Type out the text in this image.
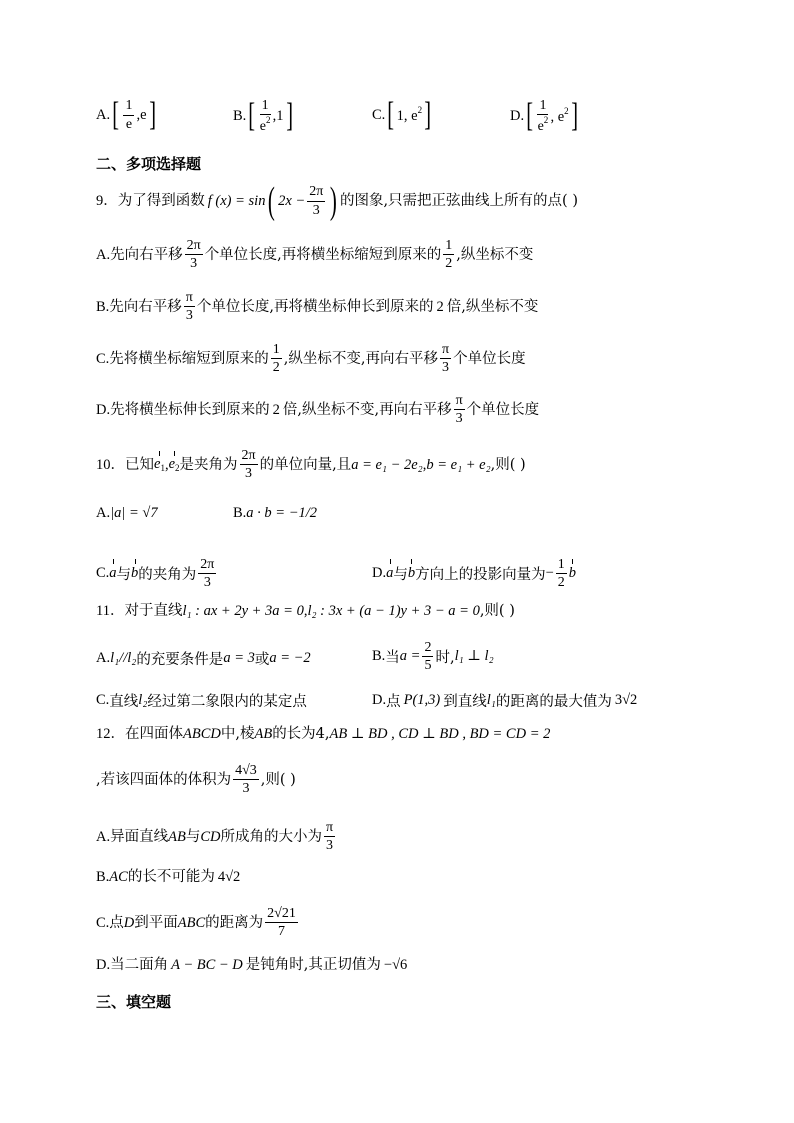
A. [ $\frac{1}{e} ,e$ ]	B. [ $\frac{1}{e^2} ,1$ ]	C. [ 1, $e^2$ ]	D. [ $\frac{1}{e^2}$ , $e^2$ ]
二、多项选择题
9． 为了得到函数 f (x) = sin ( $2x - \frac{2\pi}{3}$ ) 的图象,只需把正弦曲线上所有的点( )
A. 先向右平移 $\frac{2\pi}{3}$ 个单位长度,再将横坐标缩短到原来的 $\frac{1}{2}$ ,纵坐标不变
B. 先向右平移 $\frac{\pi}{3}$ 个单位长度,再将横坐标伸长到原来的 2 倍,纵坐标不变
C. 先将横坐标缩短到原来的 $\frac{1}{2}$ ,纵坐标不变,再向右平移 $\frac{\pi}{3}$ 个单位长度
D. 先将横坐标伸长到原来的 2 倍,纵坐标不变,再向右平移 $\frac{\pi}{3}$ 个单位长度
10． 已知 $e_1$ , $e_2$ 是夹角为 $\frac{2\pi}{3}$ 的单位向量,且 a = e₁ − 2e₂ , b = e₁ + e₂ ,则( )
A. |a| = √7	B. a · b = −1/2
C. a 与 b 的夹角为 $\frac{2\pi}{3}$	D. a 与 b 方向上的投影向量为 − $\frac{1}{2}$ b
11． 对于直线 l₁ : ax + 2y + 3a = 0 , l₂ : 3x + (a − 1)y + 3 − a = 0 ,则( )
A. l₁//l₂ 的充要条件是 a = 3 或 a = −2	B. 当 $a = \frac{2}{5}$ 时, l₁ ⊥ l₂
C. 直线 l₂ 经过第二象限内的某定点	D. 点 P(1,3) 到直线 l₁ 的距离的最大值为 3√2
12． 在四面体 ABCD 中,棱 AB 的长为4, AB ⊥ BD , CD ⊥ BD , BD = CD = 2
,若该四面体的体积为 $\frac{4√3}{3}$ ,则( )
A. 异面直线 AB 与 CD 所成角的大小为 $\frac{\pi}{3}$
B. AC 的长不可能为 4√2
C. 点 D 到平面 ABC 的距离为 $\frac{2√21}{7}$
D. 当二面角 A − BC − D 是钝角时,其正切值为 −√6
三、填空题
